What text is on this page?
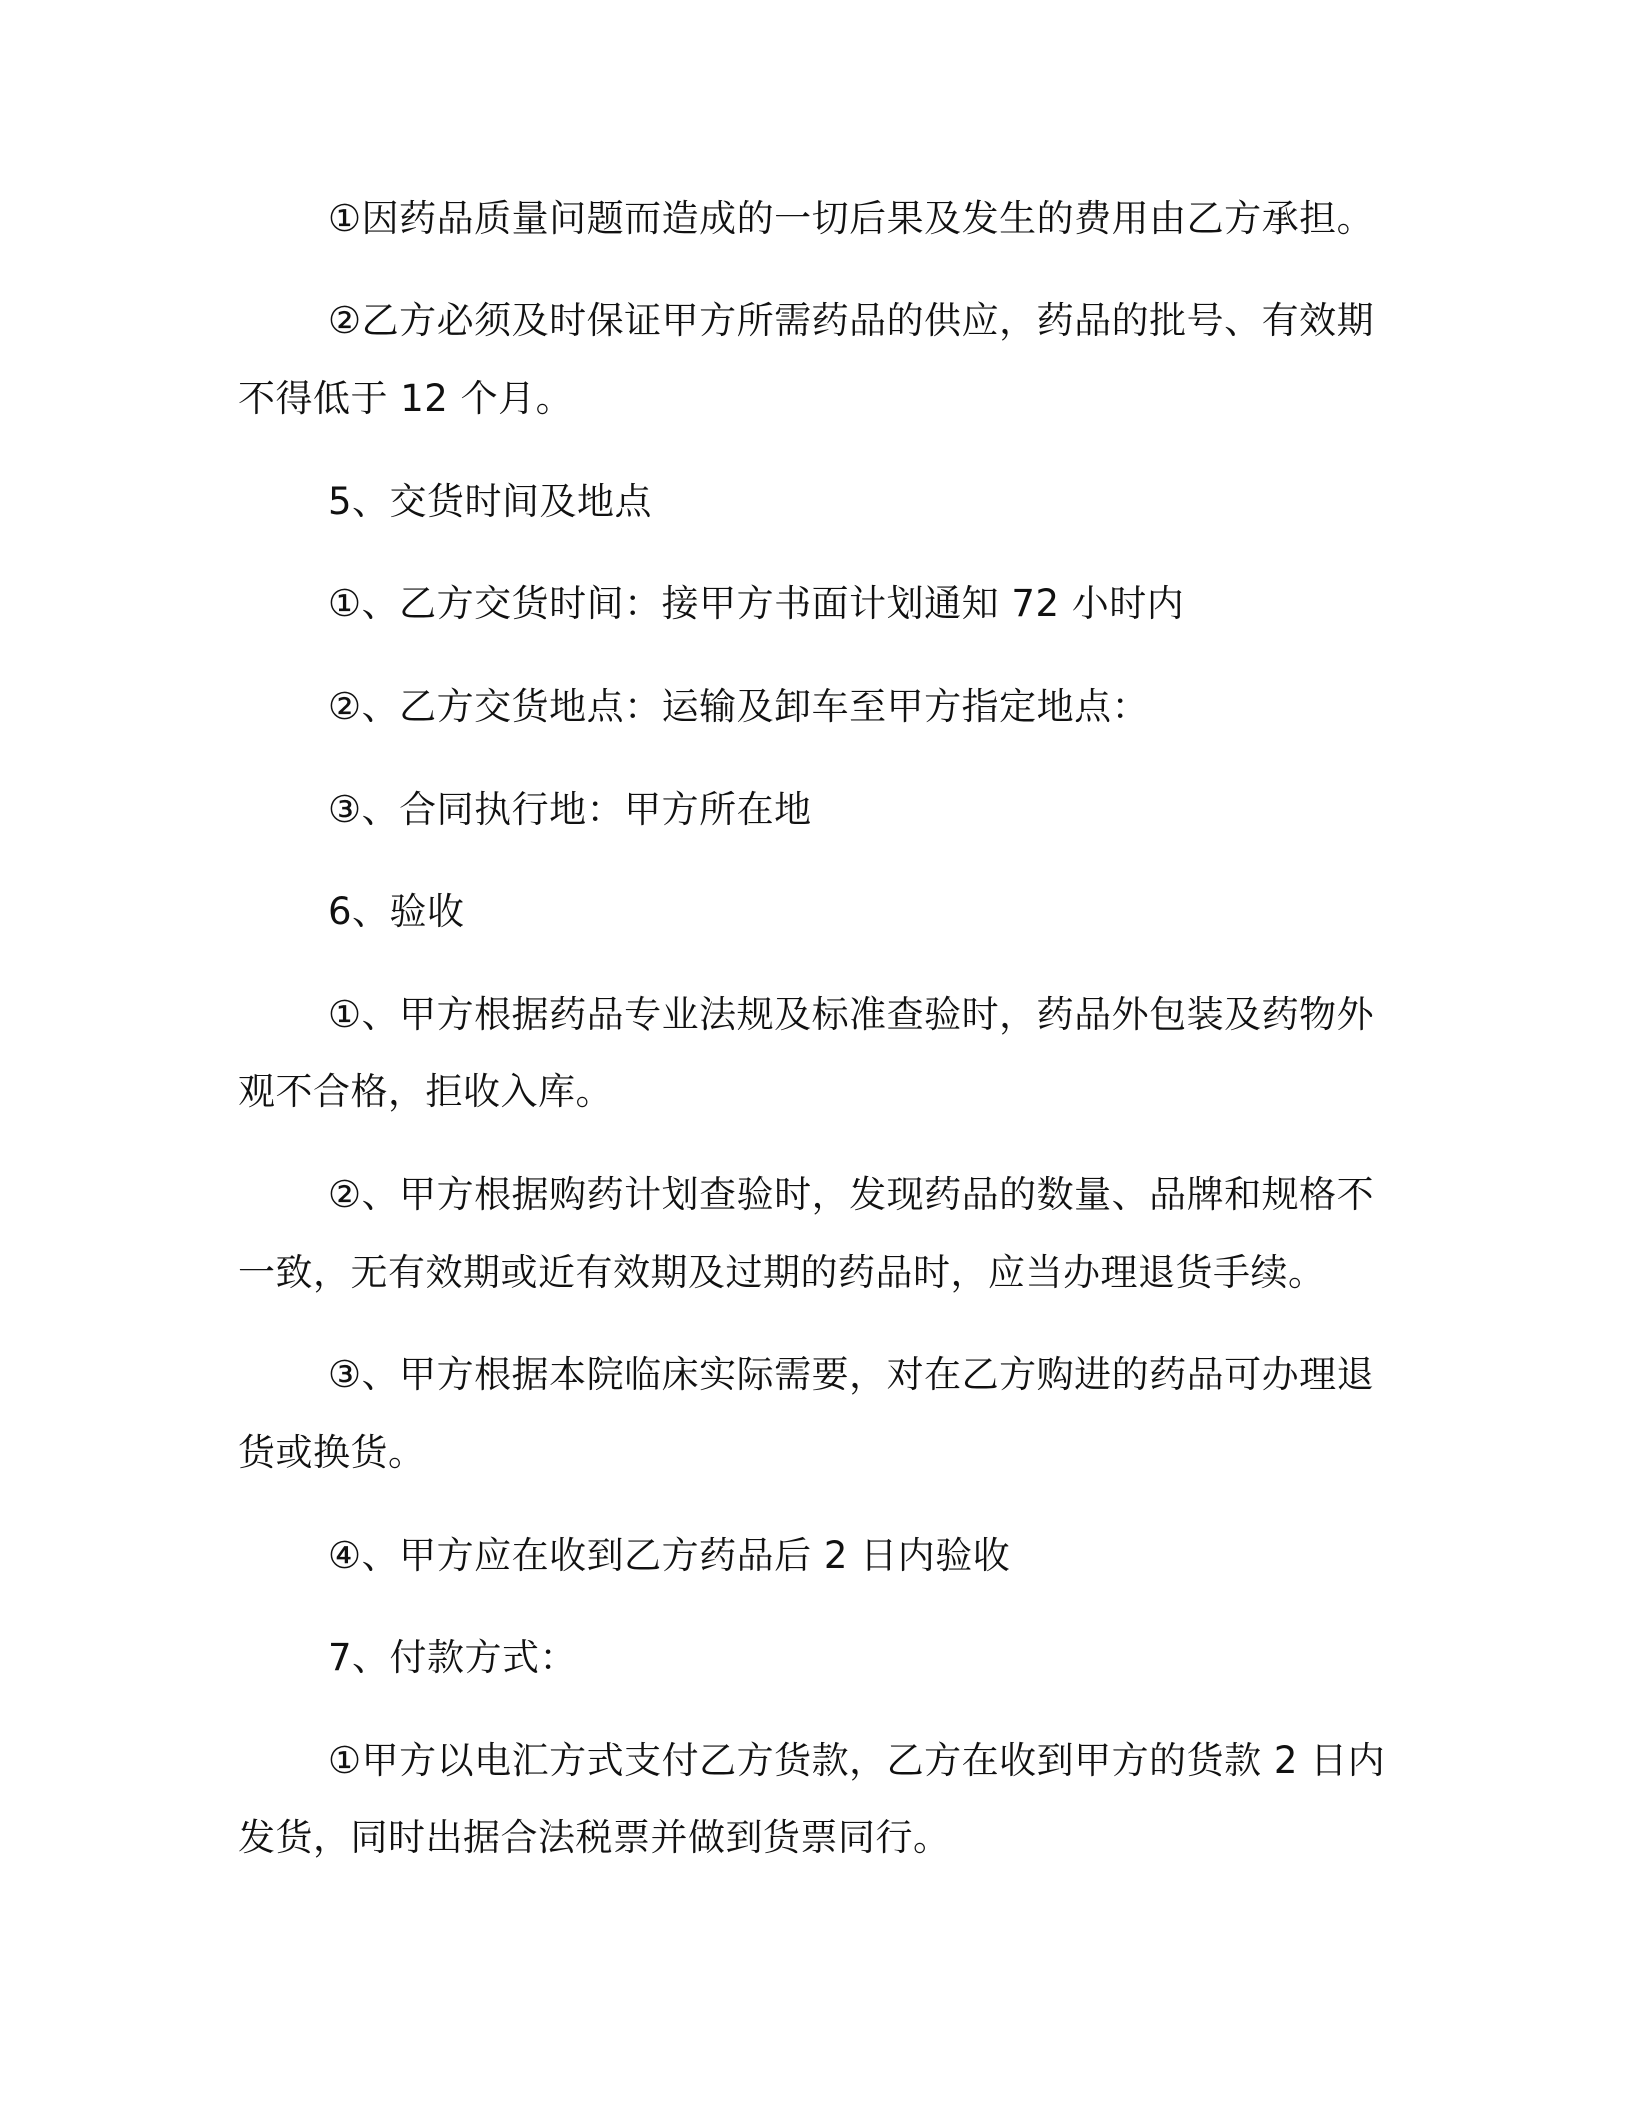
①因药品质量问题而造成的一切后果及发生的费用由乙方承担。

②乙方必须及时保证甲方所需药品的供应，药品的批号、有效期

不得低于 12 个月。

5、交货时间及地点

①、乙方交货时间：接甲方书面计划通知 72 小时内

②、乙方交货地点：运输及卸车至甲方指定地点：

③、合同执行地：甲方所在地

6、验收

①、甲方根据药品专业法规及标准查验时，药品外包装及药物外

观不合格，拒收入库。

②、甲方根据购药计划查验时，发现药品的数量、品牌和规格不

一致，无有效期或近有效期及过期的药品时，应当办理退货手续。

③、甲方根据本院临床实际需要，对在乙方购进的药品可办理退

货或换货。

④、甲方应在收到乙方药品后 2 日内验收

7、付款方式：

①甲方以电汇方式支付乙方货款，乙方在收到甲方的货款 2 日内

发货，同时出据合法税票并做到货票同行。
